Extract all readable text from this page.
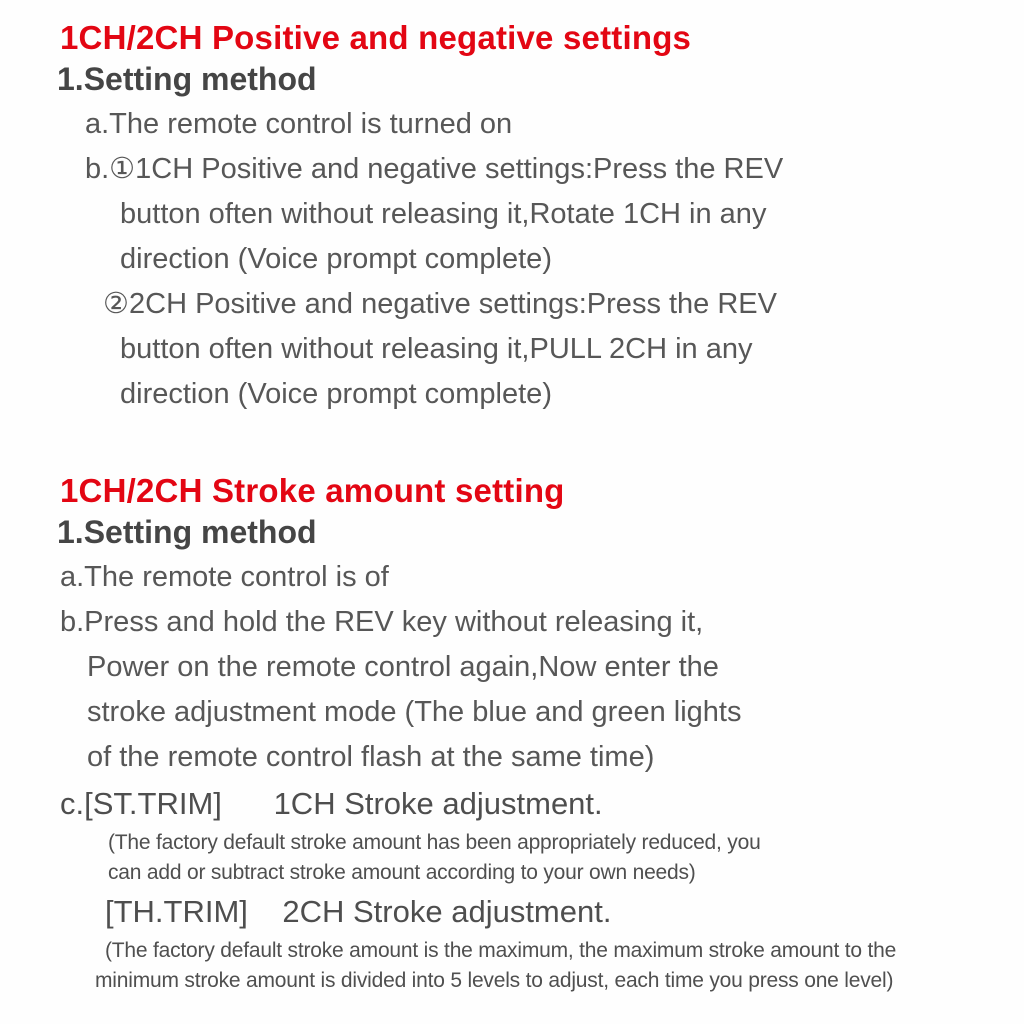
1CH/2CH Positive and negative settings
1.Setting method

a.The remote control is turned on

b.①1CH Positive and negative settings:Press the REV

button often without releasing it,Rotate 1CH in any

direction (Voice prompt complete)

②2CH Positive and negative settings:Press the REV

button often without releasing it,PULL 2CH in any

direction (Voice prompt complete)

1CH/2CH Stroke amount setting
1.Setting method

a.The remote control is of

b.Press and hold the REV key without releasing it,

Power on the remote control again,Now enter the

stroke adjustment mode (The blue and green lights

of the remote control flash at the same time)

c.[ST.TRIM]      1CH Stroke adjustment.

(The factory default stroke amount has been appropriately reduced, you

can add or subtract stroke amount according to your own needs)

[TH.TRIM]    2CH Stroke adjustment.

(The factory default stroke amount is the maximum, the maximum stroke amount to the

minimum stroke amount is divided into 5 levels to adjust, each time you press one level)
